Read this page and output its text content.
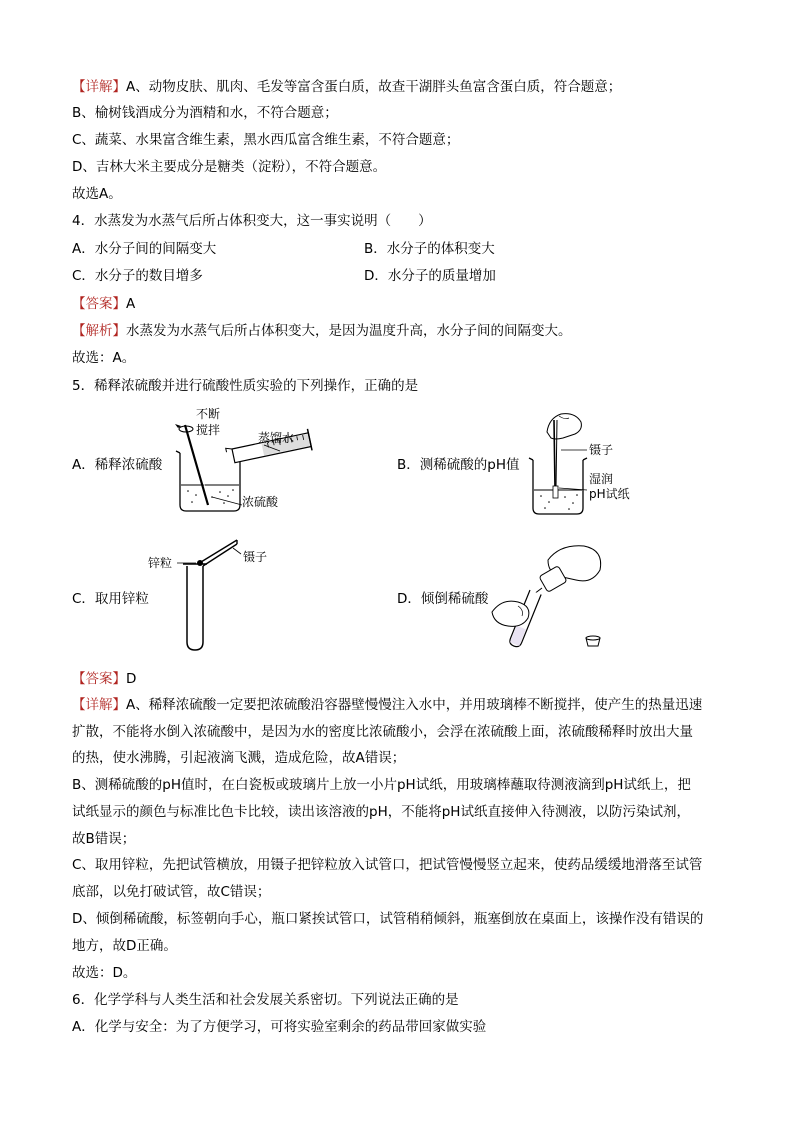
【详解】A、动物皮肤、肌肉、毛发等富含蛋白质，故查干湖胖头鱼富含蛋白质，符合题意；
B、榆树钱酒成分为酒精和水，不符合题意；
C、蔬菜、水果富含维生素，黑水西瓜富含维生素，不符合题意；
D、吉林大米主要成分是糖类（淀粉），不符合题意。
故选A。
4．水蒸发为水蒸气后所占体积变大，这一事实说明（　　）
A．水分子间的间隔变大	B．水分子的体积变大
C．水分子的数目增多	D．水分子的质量增加
【答案】A
【解析】水蒸发为水蒸气后所占体积变大，是因为温度升高，水分子间的间隔变大。
故选：A。
5．稀释浓硫酸并进行硫酸性质实验的下列操作，正确的是
A．稀释浓硫酸
不断
搅拌
蒸馏水
浓硫酸
B．测稀硫酸的pH值
镊子
湿润
pH试纸
C．取用锌粒
锌粒	镊子
D．倾倒稀硫酸
【答案】D
【详解】A、稀释浓硫酸一定要把浓硫酸沿容器壁慢慢注入水中，并用玻璃棒不断搅拌，使产生的热量迅速
扩散，不能将水倒入浓硫酸中，是因为水的密度比浓硫酸小，会浮在浓硫酸上面，浓硫酸稀释时放出大量
的热，使水沸腾，引起液滴飞溅，造成危险，故A错误；
B、测稀硫酸的pH值时，在白瓷板或玻璃片上放一小片pH试纸，用玻璃棒蘸取待测液滴到pH试纸上，把
试纸显示的颜色与标准比色卡比较，读出该溶液的pH，不能将pH试纸直接伸入待测液，以防污染试剂，
故B错误；
C、取用锌粒，先把试管横放，用镊子把锌粒放入试管口，把试管慢慢竖立起来，使药品缓缓地滑落至试管
底部，以免打破试管，故C错误；
D、倾倒稀硫酸，标签朝向手心，瓶口紧挨试管口，试管稍稍倾斜，瓶塞倒放在桌面上，该操作没有错误的
地方，故D正确。
故选：D。
6．化学学科与人类生活和社会发展关系密切。下列说法正确的是
A．化学与安全：为了方便学习，可将实验室剩余的药品带回家做实验
